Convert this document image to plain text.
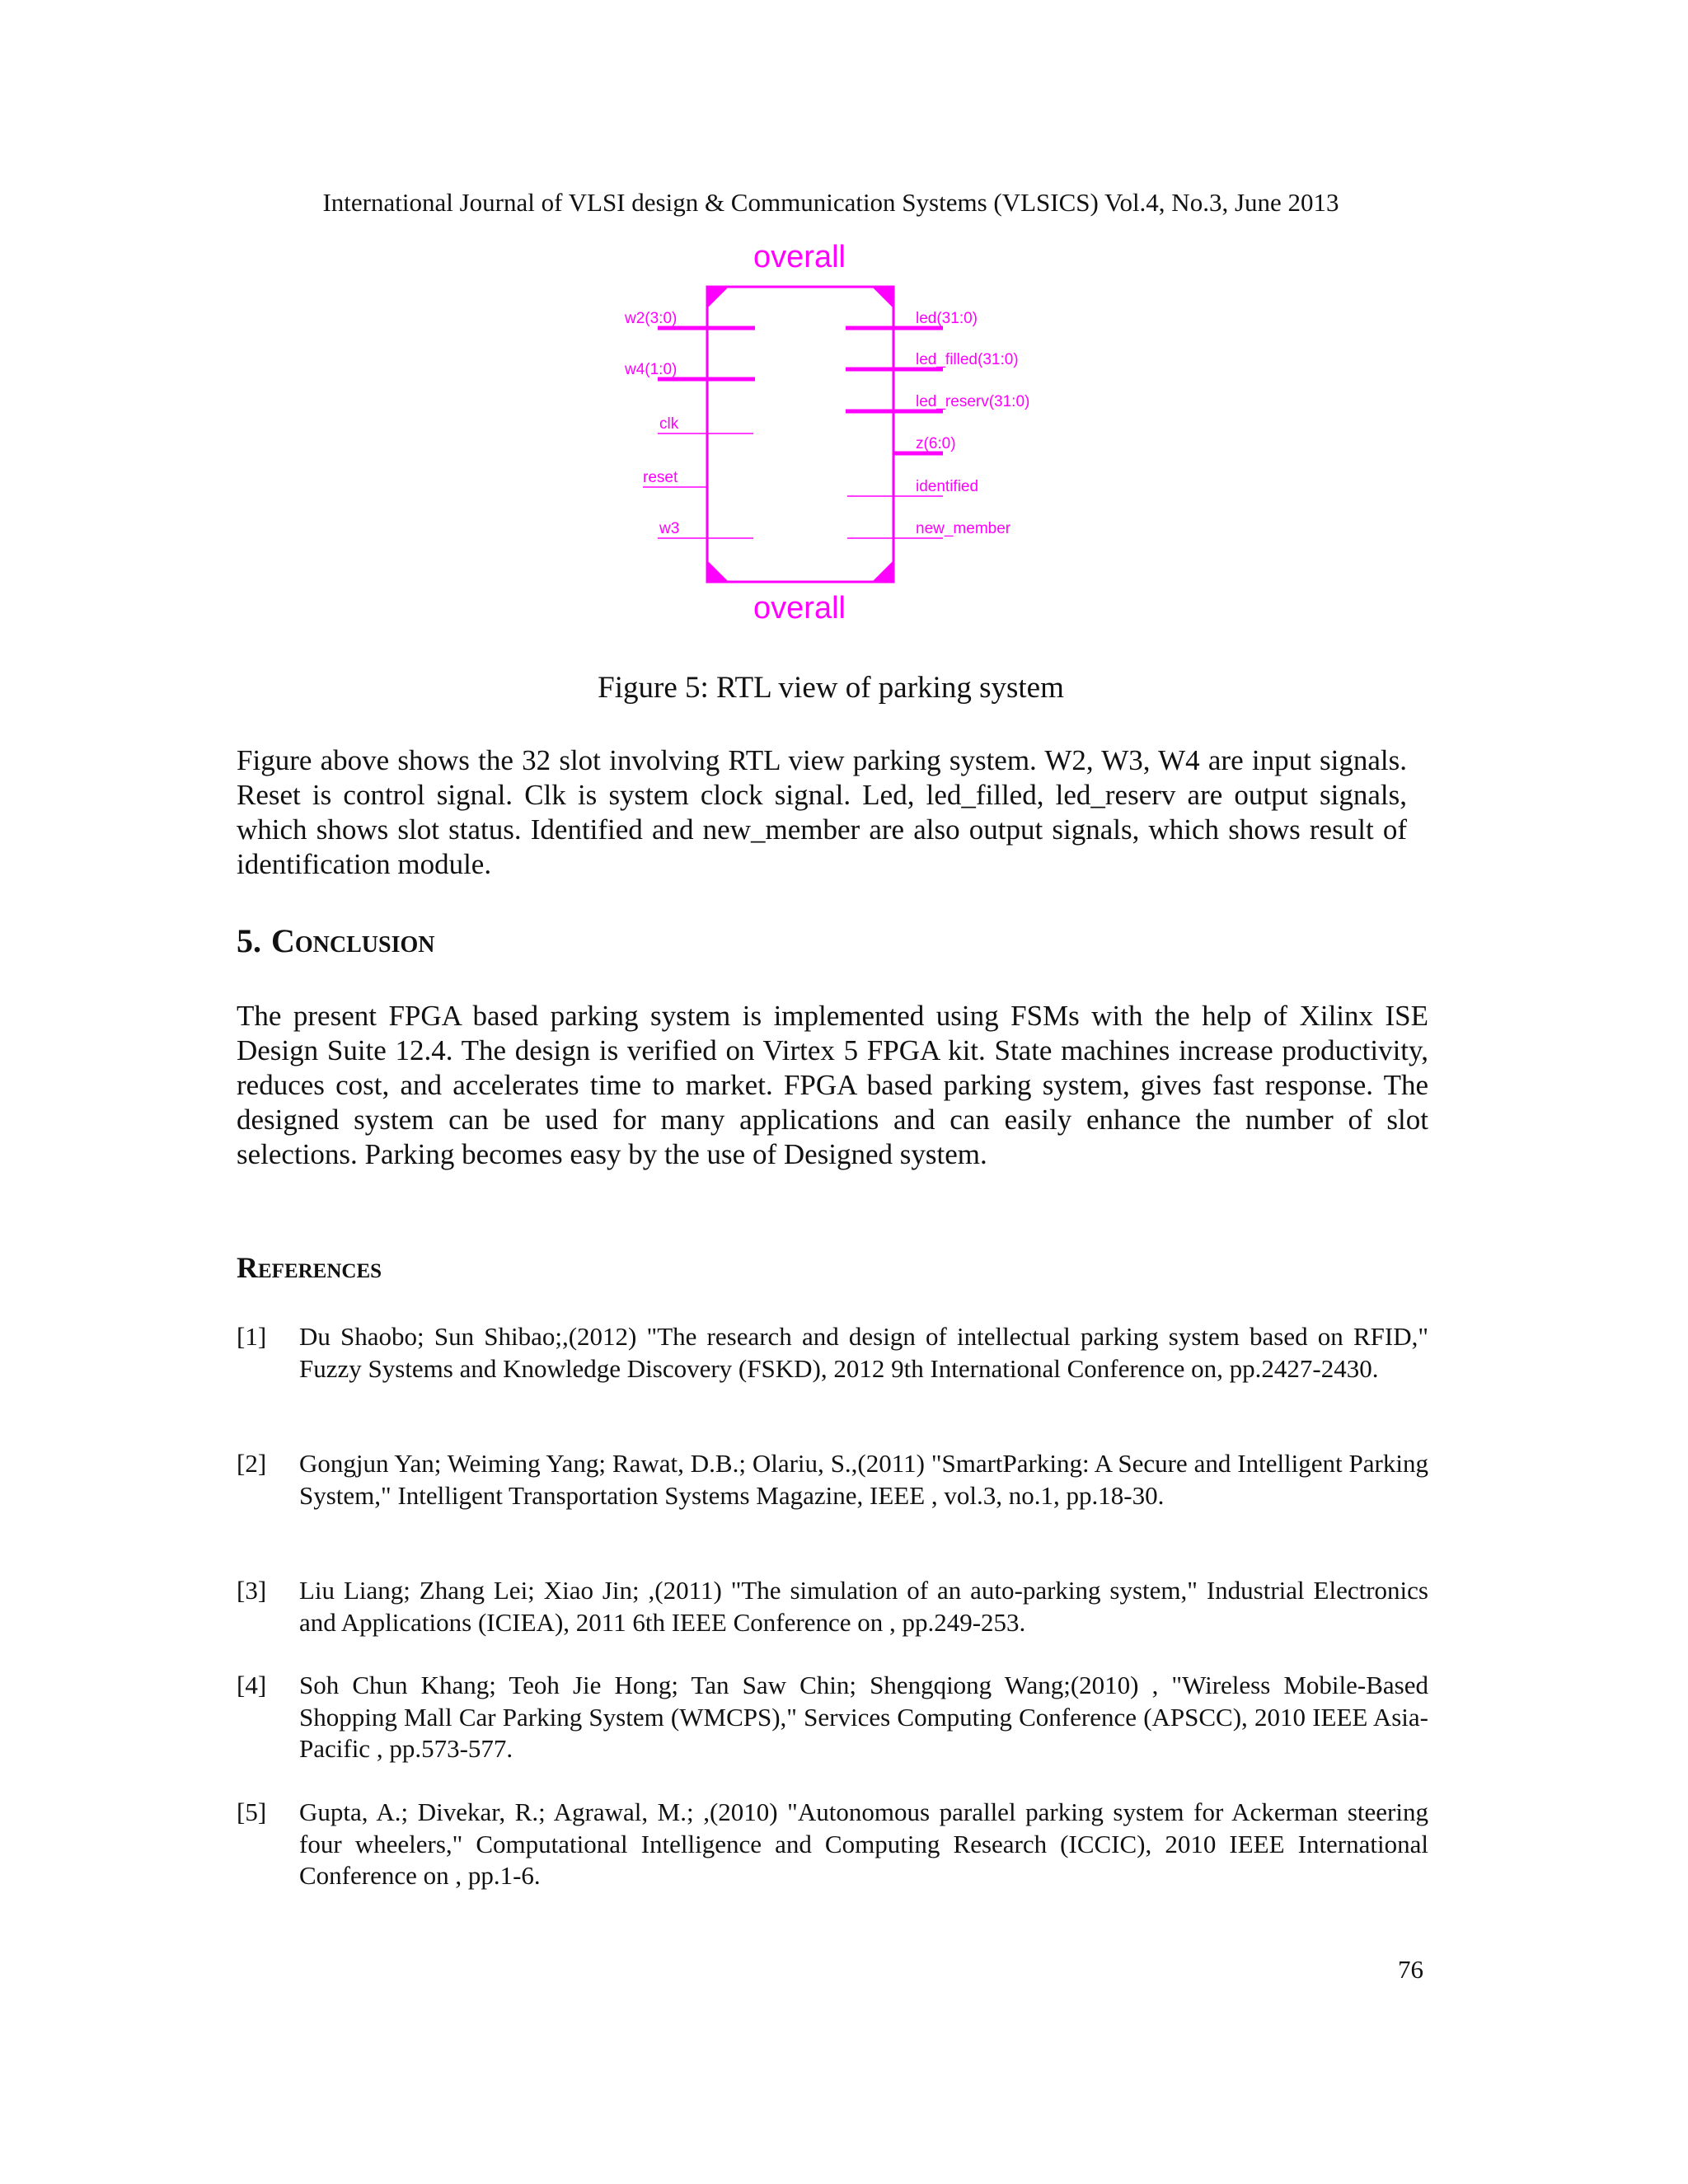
International Journal of VLSI design & Communication Systems (VLSICS) Vol.4, No.3, June 2013
overall
overall
w2(3:0)
w4(1:0)
clk
reset
w3
led(31:0)
led_filled(31:0)
led_reserv(31:0)
z(6:0)
identified
new_member
Figure 5: RTL view of parking system

Figure above shows the 32 slot involving RTL view parking system. W2, W3, W4 are input signals. Reset is control signal. Clk is system clock signal. Led, led_filled, led_reserv are output signals, which shows slot status. Identified and new_member are also output signals, which shows result of identification module.

5. Conclusion

The present FPGA based parking system is implemented using FSMs with the help of Xilinx ISE Design Suite 12.4. The design is verified on Virtex 5 FPGA kit. State machines increase productivity, reduces cost, and accelerates time to market. FPGA based parking system, gives fast response. The designed system can be used for many applications and can easily enhance the number of slot selections. Parking becomes easy by the use of Designed system.

References
[1] Du Shaobo; Sun Shibao;,(2012) "The research and design of intellectual parking system based on RFID," Fuzzy Systems and Knowledge Discovery (FSKD), 2012 9th International Conference on, pp.2427-2430.
[2] Gongjun Yan; Weiming Yang; Rawat, D.B.; Olariu, S.,(2011) "SmartParking: A Secure and Intelligent Parking System," Intelligent Transportation Systems Magazine, IEEE , vol.3, no.1, pp.18-30.
[3] Liu Liang; Zhang Lei; Xiao Jin; ,(2011) "The simulation of an auto-parking system," Industrial Electronics and Applications (ICIEA), 2011 6th IEEE Conference on , pp.249-253.
[4] Soh Chun Khang; Teoh Jie Hong; Tan Saw Chin; Shengqiong Wang;(2010) , "Wireless Mobile-Based Shopping Mall Car Parking System (WMCPS)," Services Computing Conference (APSCC), 2010 IEEE Asia-Pacific , pp.573-577.
[5] Gupta, A.; Divekar, R.; Agrawal, M.; ,(2010) "Autonomous parallel parking system for Ackerman steering four wheelers," Computational Intelligence and Computing Research (ICCIC), 2010 IEEE International Conference on , pp.1-6.
76
